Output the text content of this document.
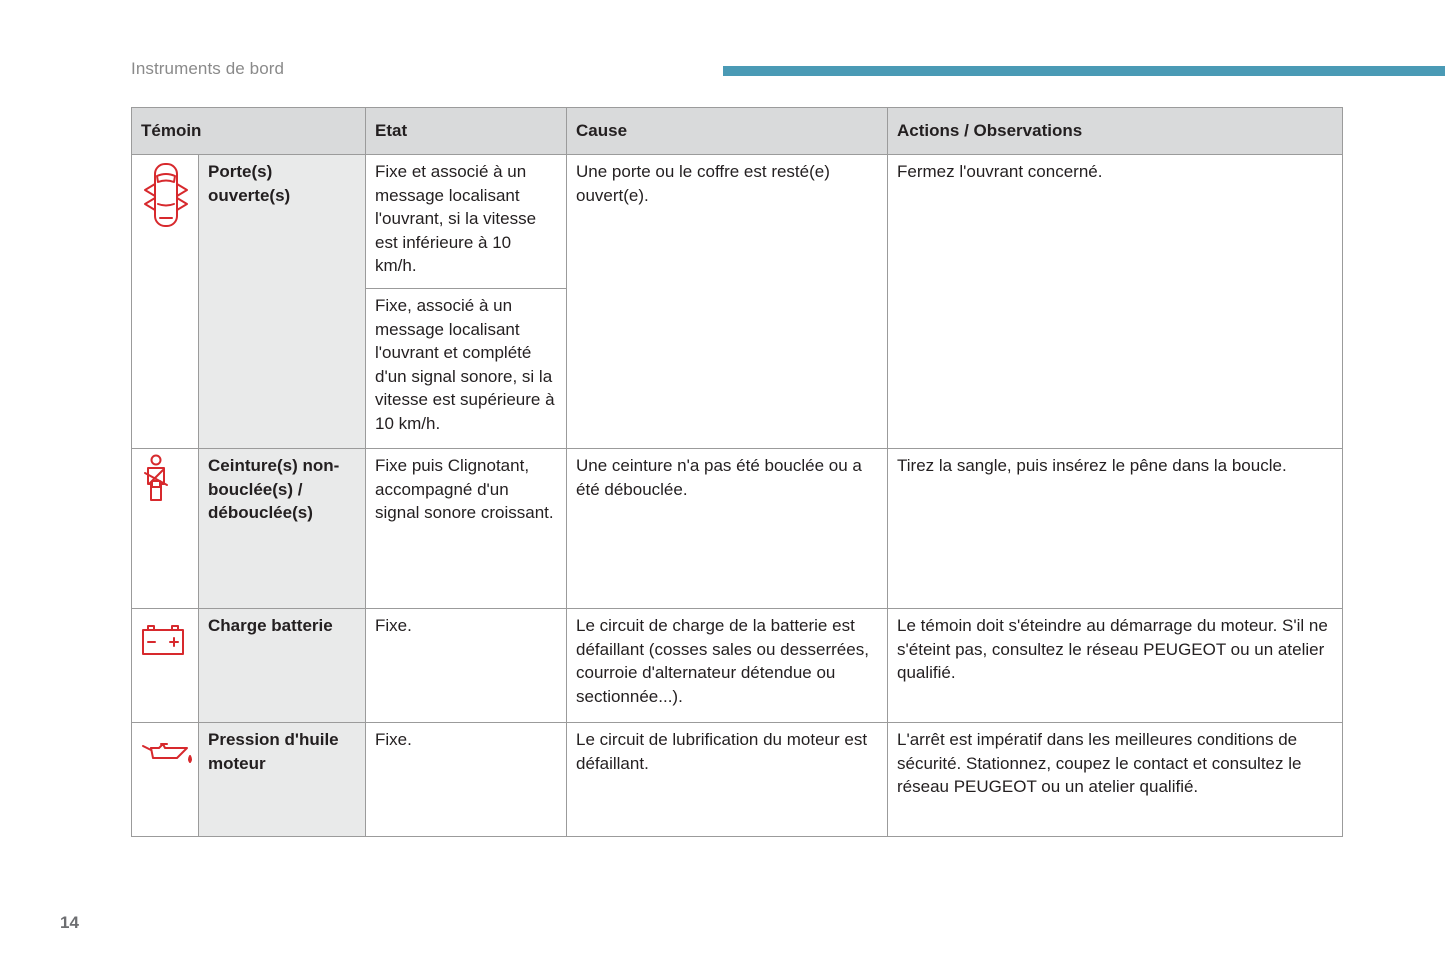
Instruments de bord
Témoin		Etat	Cause	Actions / Observations

	Porte(s) ouverte(s)	Fixe et associé à un message localisant l'ouvrant, si la vitesse est inférieure à 10 km/h.	Une porte ou le coffre est resté(e) ouvert(e).	Fermez l'ouvrant concerné.
		Fixe, associé à un message localisant l'ouvrant et complété d'un signal sonore, si la vitesse est supérieure à 10 km/h.		

	Ceinture(s) non-bouclée(s) / débouclée(s)	Fixe puis Clignotant, accompagné d'un signal sonore croissant.	Une ceinture n'a pas été bouclée ou a été débouclée.	Tirez la sangle, puis insérez le pêne dans la boucle.

	Charge batterie	Fixe.	Le circuit de charge de la batterie est défaillant (cosses sales ou desserrées, courroie d'alternateur détendue ou sectionnée...).	Le témoin doit s'éteindre au démarrage du moteur. S'il ne s'éteint pas, consultez le réseau PEUGEOT ou un atelier qualifié.

	Pression d'huile moteur	Fixe.	Le circuit de lubrification du moteur est défaillant.	L'arrêt est impératif dans les meilleures conditions de sécurité. Stationnez, coupez le contact et consultez le réseau PEUGEOT ou un atelier qualifié.
14
